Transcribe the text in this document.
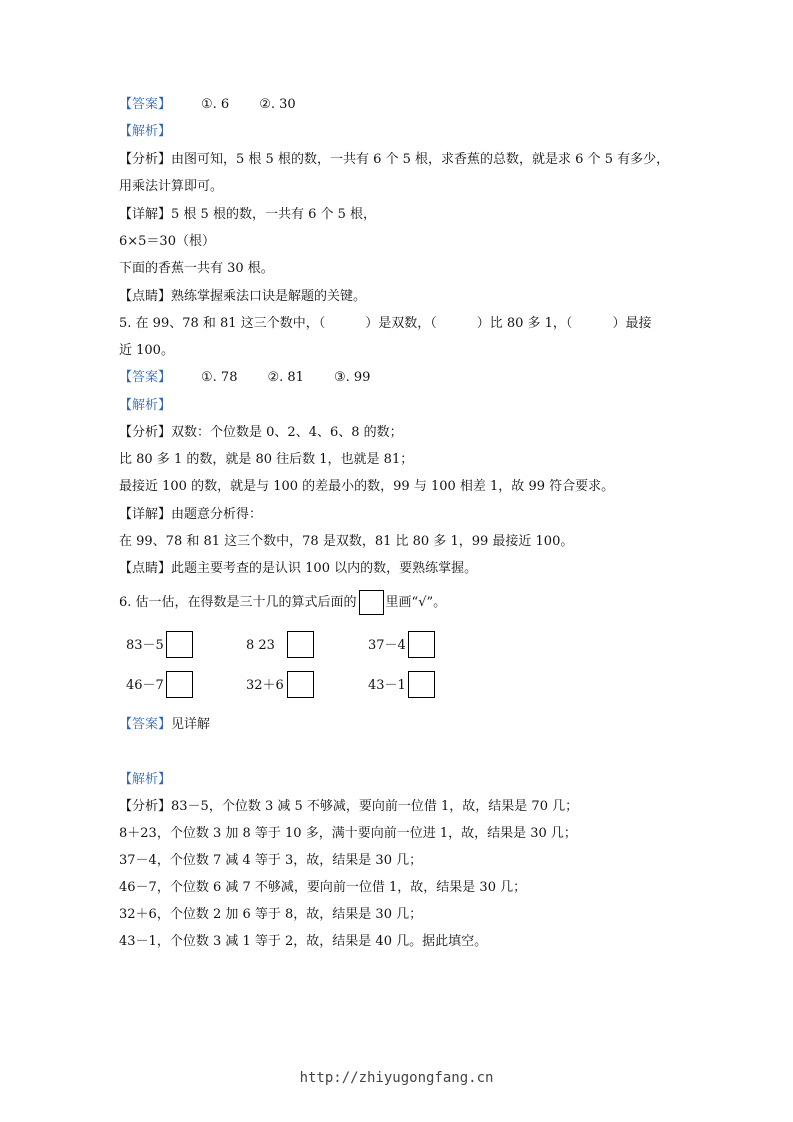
【答案】 ①. 6 ②. 30
【解析】
【分析】由图可知，5 根 5 根的数，一共有 6 个 5 根，求香蕉的总数，就是求 6 个 5 有多少，
用乘法计算即可。
【详解】5 根 5 根的数，一共有 6 个 5 根，
6×5＝30（根）
下面的香蕉一共有 30 根。
【点睛】熟练掌握乘法口诀是解题的关键。
5. 在 99、78 和 81 这三个数中，（	）是双数，（	）比 80 多 1，（	）最接
近 100。
【答案】 ①. 78 ②. 81 ③. 99
【解析】
【分析】双数：个位数是 0、2、4、6、8 的数；
比 80 多 1 的数，就是 80 往后数 1，也就是 81；
最接近 100 的数，就是与 100 的差最小的数，99 与 100 相差 1，故 99 符合要求。
【详解】由题意分析得：
在 99、78 和 81 这三个数中，78 是双数，81 比 80 多 1，99 最接近 100。
【点睛】此题主要考查的是认识 100 以内的数，要熟练掌握。
6. 估一估，在得数是三十几的算式后面的 里画“√”。
83－5	8 23	37－4
46－7	32＋6	43－1
【答案】见详解
【解析】
【分析】83－5，个位数 3 减 5 不够减，要向前一位借 1，故，结果是 70 几；
8＋23，个位数 3 加 8 等于 10 多，满十要向前一位进 1，故，结果是 30 几；
37－4，个位数 7 减 4 等于 3，故，结果是 30 几；
46－7，个位数 6 减 7 不够减，要向前一位借 1，故，结果是 30 几；
32＋6，个位数 2 加 6 等于 8，故，结果是 30 几；
43－1，个位数 3 减 1 等于 2，故，结果是 40 几。据此填空。
http://zhiyugongfang.cn
